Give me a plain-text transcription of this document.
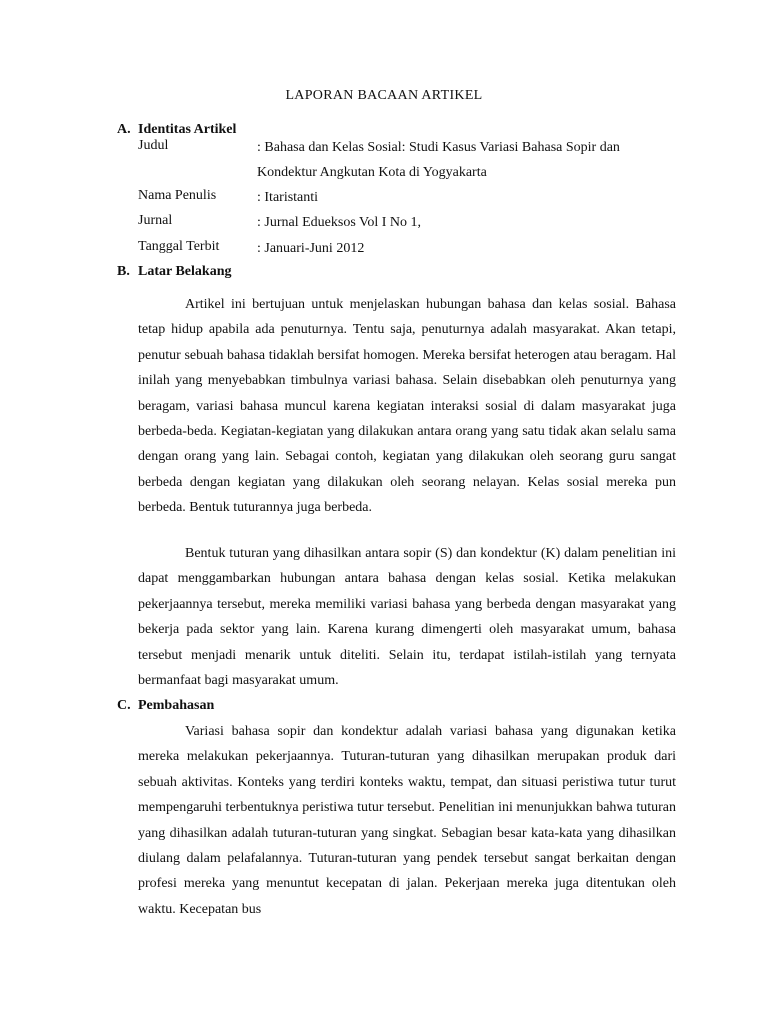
LAPORAN BACAAN ARTIKEL
A. Identitas Artikel
Judul	: Bahasa dan Kelas Sosial: Studi Kasus Variasi Bahasa Sopir dan Kondektur Angkutan Kota di Yogyakarta
Nama Penulis	: Itaristanti
Jurnal	: Jurnal Edueksos Vol I No 1,
Tanggal Terbit	: Januari-Juni 2012
B. Latar Belakang

Artikel ini bertujuan untuk menjelaskan hubungan bahasa dan kelas sosial. Bahasa tetap hidup apabila ada penuturnya. Tentu saja, penuturnya adalah masyarakat. Akan tetapi, penutur sebuah bahasa tidaklah bersifat homogen. Mereka bersifat heterogen atau beragam. Hal inilah yang menyebabkan timbulnya variasi bahasa. Selain disebabkan oleh penuturnya yang beragam, variasi bahasa muncul karena kegiatan interaksi sosial di dalam masyarakat juga berbeda-beda. Kegiatan-kegiatan yang dilakukan antara orang yang satu tidak akan selalu sama dengan orang yang lain. Sebagai contoh, kegiatan yang dilakukan oleh seorang guru sangat berbeda dengan kegiatan yang dilakukan oleh seorang nelayan. Kelas sosial mereka pun berbeda. Bentuk tuturannya juga berbeda.

Bentuk tuturan yang dihasilkan antara sopir (S) dan kondektur (K) dalam penelitian ini dapat menggambarkan hubungan antara bahasa dengan kelas sosial. Ketika melakukan pekerjaannya tersebut, mereka memiliki variasi bahasa yang berbeda dengan masyarakat yang bekerja pada sektor yang lain. Karena kurang dimengerti oleh masyarakat umum, bahasa tersebut menjadi menarik untuk diteliti. Selain itu, terdapat istilah-istilah yang ternyata bermanfaat bagi masyarakat umum.

C. Pembahasan

Variasi bahasa sopir dan kondektur adalah variasi bahasa yang digunakan ketika mereka melakukan pekerjaannya. Tuturan-tuturan yang dihasilkan merupakan produk dari sebuah aktivitas. Konteks yang terdiri konteks waktu, tempat, dan situasi peristiwa tutur turut mempengaruhi terbentuknya peristiwa tutur tersebut. Penelitian ini menunjukkan bahwa tuturan yang dihasilkan adalah tuturan-tuturan yang singkat. Sebagian besar kata-kata yang dihasilkan diulang dalam pelafalannya. Tuturan-tuturan yang pendek tersebut sangat berkaitan dengan profesi mereka yang menuntut kecepatan di jalan. Pekerjaan mereka juga ditentukan oleh waktu. Kecepatan bus
